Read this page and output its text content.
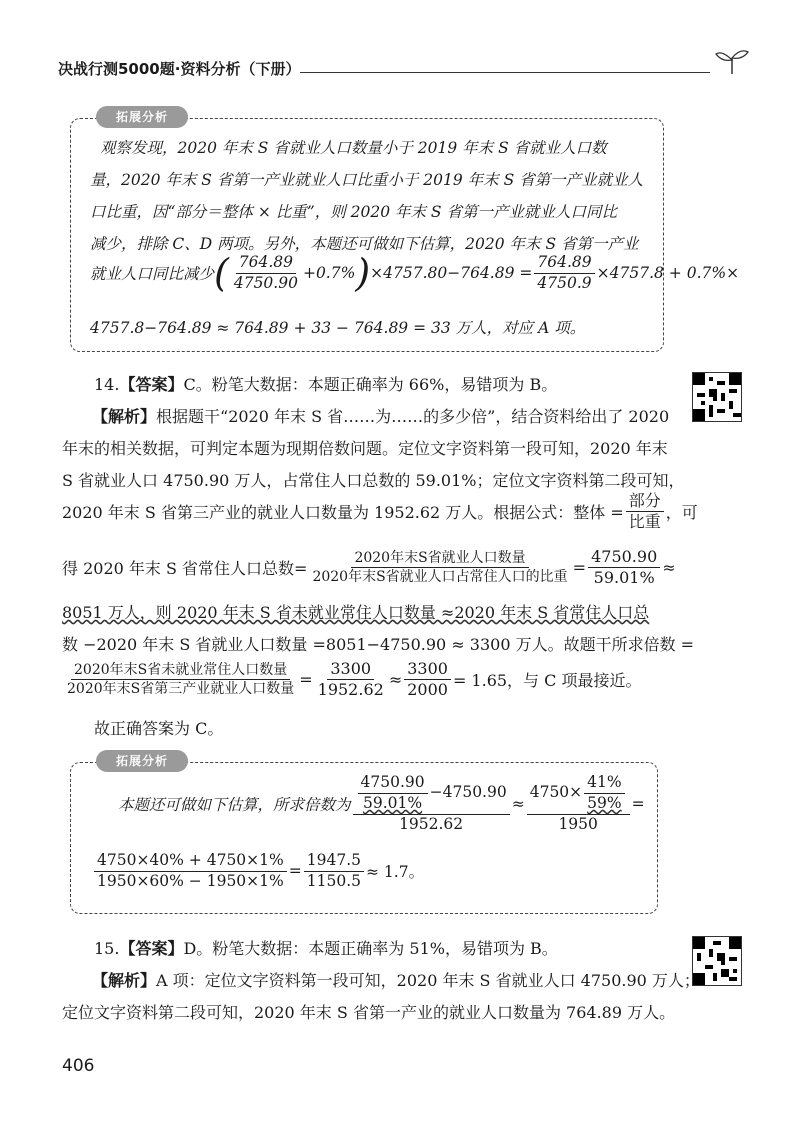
决战行测5000题·资料分析（下册）
拓展分析
观察发现，2020 年末 S 省就业人口数量小于 2019 年末 S 省就业人口数
量，2020 年末 S 省第一产业就业人口比重小于 2019 年末 S 省第一产业就业人
口比重，因“部分＝整体 × 比重”，则 2020 年末 S 省第一产业就业人口同比
减少，排除 C、D 两项。另外，本题还可做如下估算，2020 年末 S 省第一产业
就业人口同比减少 ( $\frac{764.89}{4750.90} +0.7\%$ ) $\times 4757.80-764.89 = \frac{764.89}{4750.9} \times 4757.8 + 0.7\%\times$
4757.8−764.89 ≈ 764.89 + 33 − 764.89 = 33 万人，对应 A 项。
14.【答案】C。粉笔大数据：本题正确率为 66%，易错项为 B。
【解析】根据题干“2020 年末 S 省……为……的多少倍”，结合资料给出了 2020
年末的相关数据，可判定本题为现期倍数问题。定位文字资料第一段可知，2020 年末
S 省就业人口 4750.90 万人，占常住人口总数的 59.01%；定位文字资料第二段可知，
2020 年末 S 省第三产业的就业人口数量为 1952.62 万人。根据公式：整体 = $\frac{\text{部分}}{\text{比重}}$ ，可
得 2020 年末 S 省常住人口总数= $\frac{\text{2020年末S省就业人口数量}}{\text{2020年末S省就业人口占常住人口的比重}} = \frac{4750.90}{59.01\%}$ ≈
8051 万人，则 2020 年末 S 省未就业常住人口数量 ≈2020 年末 S 省常住人口总
数 −2020 年末 S 省就业人口数量 =8051−4750.90 ≈ 3300 万人。故题干所求倍数 =
$\frac{\text{2020年末S省未就业常住人口数量}}{\text{2020年末S省第三产业就业人口数量}} = \frac{3300}{1952.62} \approx \frac{3300}{2000} = 1.65$，与 C 项最接近。
故正确答案为 C。
拓展分析
本题还可做如下估算，所求倍数为 $\frac{\frac{4750.90}{59.01\%} -4750.90}{1952.62} \approx \frac{4750\times \frac{41\%}{59\%}}{1950}$ =
$\frac{4750\times 40\% + 4750\times 1\%}{1950\times 60\% - 1950\times 1\%} = \frac{1947.5}{1150.5} \approx 1.7$。
15.【答案】D。粉笔大数据：本题正确率为 51%，易错项为 B。
【解析】A 项：定位文字资料第一段可知，2020 年末 S 省就业人口 4750.90 万人；
定位文字资料第二段可知，2020 年末 S 省第一产业的就业人口数量为 764.89 万人。
406
